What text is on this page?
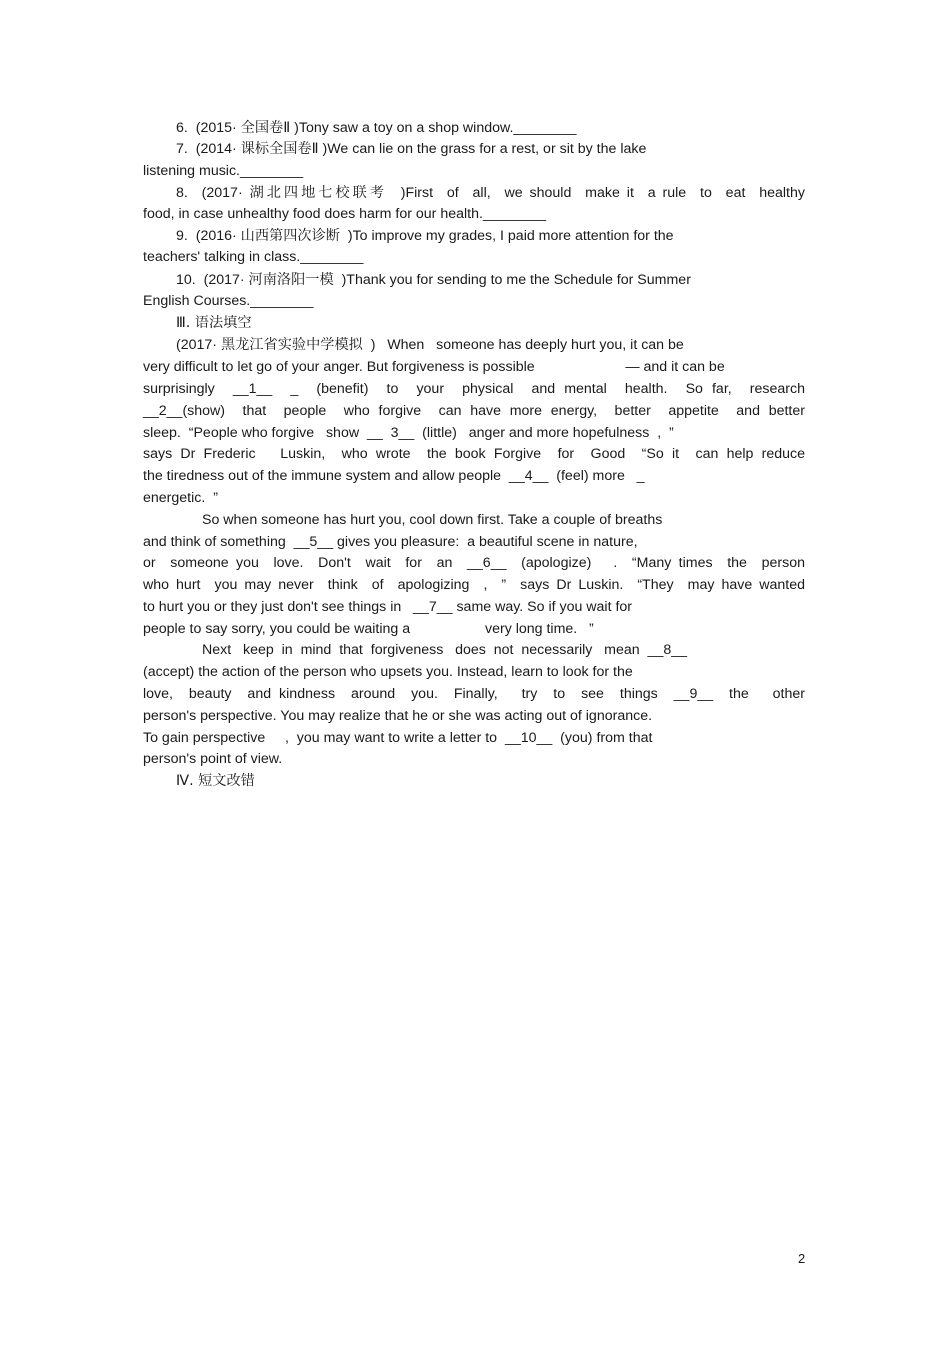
6.  (2015· 全国卷Ⅱ )Tony saw a toy on a shop window.________
7.  (2014· 课标全国卷Ⅱ )We can lie on the grass for a rest, or sit by the lake
listening music.________
8.  (2017· 湖北四地七校联考  )First  of  all,  we should  make it  a rule  to  eat  healthy
food, in case unhealthy food does harm for our health.________
9.  (2016· 山西第四次诊断  )To improve my grades, I paid more attention for the
teachers' talking in class.________
10.  (2017· 河南洛阳一模  )Thank you for sending to me the Schedule for Summer
English Courses.________
Ⅲ. 语法填空
(2017· 黑龙江省实验中学模拟  )   When   someone has deeply hurt you, it can be
very difficult to let go of your anger. But forgiveness is possible                       — and it can be
surprisingly  __1__  _  (benefit)  to  your  physical  and mental  health.  So far,  research
__2__(show)  that  people  who forgive  can have more energy,  better  appetite  and better
sleep.  “People who forgive   show  __  3__  (little)   anger and more hopefulness  ,  ”
says Dr Frederic   Luskin,  who wrote  the book Forgive  for  Good  “So it  can help reduce
the tiredness out of the immune system and allow people  __4__  (feel) more   _
energetic.  ”
So when someone has hurt you, cool down first. Take a couple of breaths
and think of something  __5__ gives you pleasure:  a beautiful scene in nature,
or  someone you  love.  Don't  wait  for  an  __6__  (apologize)   .  “Many times  the  person
who hurt  you may never  think  of  apologizing  ,  ”  says Dr Luskin.  “They  may have wanted
to hurt you or they just don't see things in   __7__ same way. So if you wait for
people to say sorry, you could be waiting a                   very long time.   ”
Next   keep  in  mind  that  forgiveness   does  not  necessarily   mean  __8__
(accept) the action of the person who upsets you. Instead, learn to look for the
love,  beauty  and kindness  around  you.  Finally,   try  to  see  things  __9__  the   other
person's perspective. You may realize that he or she was acting out of ignorance.
To gain perspective     ,  you may want to write a letter to  __10__  (you) from that
person's point of view.
Ⅳ. 短文改错
2
